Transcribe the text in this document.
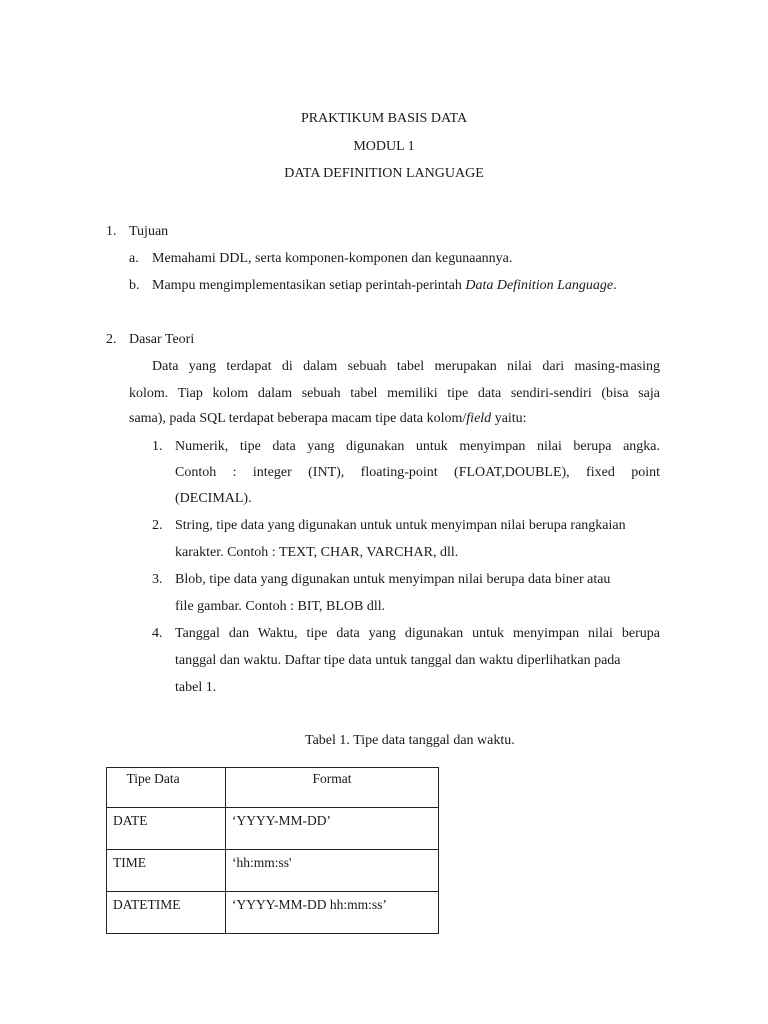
PRAKTIKUM BASIS DATA
MODUL 1
DATA DEFINITION LANGUAGE
1. Tujuan
a. Memahami DDL, serta komponen-komponen dan kegunaannya.
b. Mampu mengimplementasikan setiap perintah-perintah Data Definition Language.
2. Dasar Teori
Data yang terdapat di dalam sebuah tabel merupakan nilai dari masing-masing
kolom. Tiap kolom dalam sebuah tabel memiliki tipe data sendiri-sendiri (bisa saja
sama), pada SQL terdapat beberapa macam tipe data kolom/field yaitu:
1. Numerik, tipe data yang digunakan untuk menyimpan nilai berupa angka.
Contoh : integer (INT), floating-point (FLOAT,DOUBLE), fixed point
(DECIMAL).
2. String, tipe data yang digunakan untuk untuk menyimpan nilai berupa rangkaian
karakter. Contoh : TEXT, CHAR, VARCHAR, dll.
3. Blob, tipe data yang digunakan untuk menyimpan nilai berupa data biner atau
file gambar. Contoh : BIT, BLOB dll.
4. Tanggal dan Waktu, tipe data yang digunakan untuk menyimpan nilai berupa
tanggal dan waktu. Daftar tipe data untuk tanggal dan waktu diperlihatkan pada
tabel 1.
Tabel 1. Tipe data tanggal dan waktu.
Tipe Data	Format
DATE	‘YYYY-MM-DD’
TIME	‘hh:mm:ss'
DATETIME	‘YYYY-MM-DD hh:mm:ss’
